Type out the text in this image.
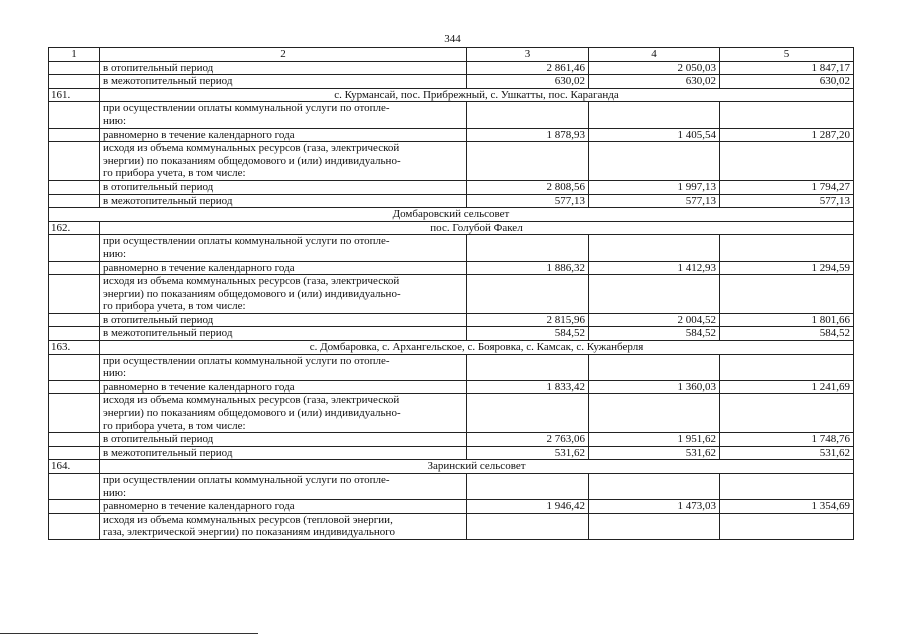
344
1	2	3	4	5
	в отопительный период	2 861,46	2 050,03	1 847,17
	в межотопительный период	630,02	630,02	630,02
161.	с. Курмансай, пос. Прибрежный, с. Ушкатты, пос. Караганда			
	при осуществлении оплаты коммунальной услуги по отопле-
нию:			
	равномерно в течение календарного года	1 878,93	1 405,54	1 287,20
	исходя из объема коммунальных ресурсов (газа, электрической
энергии) по показаниям общедомового и (или) индивидуально-
го прибора учета, в том числе:			
	в отопительный период	2 808,56	1 997,13	1 794,27
	в межотопительный период	577,13	577,13	577,13
Домбаровский сельсовет				
162.	пос. Голубой Факел			
	при осуществлении оплаты коммунальной услуги по отопле-
нию:			
	равномерно в течение календарного года	1 886,32	1 412,93	1 294,59
	исходя из объема коммунальных ресурсов (газа, электрической
энергии) по показаниям общедомового и (или) индивидуально-
го прибора учета, в том числе:			
	в отопительный период	2 815,96	2 004,52	1 801,66
	в межотопительный период	584,52	584,52	584,52
163.	с. Домбаровка, с. Архангельское, с. Бояровка, с. Камсак, с. Кужанберля			
	при осуществлении оплаты коммунальной услуги по отопле-
нию:			
	равномерно в течение календарного года	1 833,42	1 360,03	1 241,69
	исходя из объема коммунальных ресурсов (газа, электрической
энергии) по показаниям общедомового и (или) индивидуально-
го прибора учета, в том числе:			
	в отопительный период	2 763,06	1 951,62	1 748,76
	в межотопительный период	531,62	531,62	531,62
164.	Заринский сельсовет			
	при осуществлении оплаты коммунальной услуги по отопле-
нию:			
	равномерно в течение календарного года	1 946,42	1 473,03	1 354,69
	исходя из объема коммунальных ресурсов (тепловой энергии,
газа, электрической энергии) по показаниям индивидуального			
